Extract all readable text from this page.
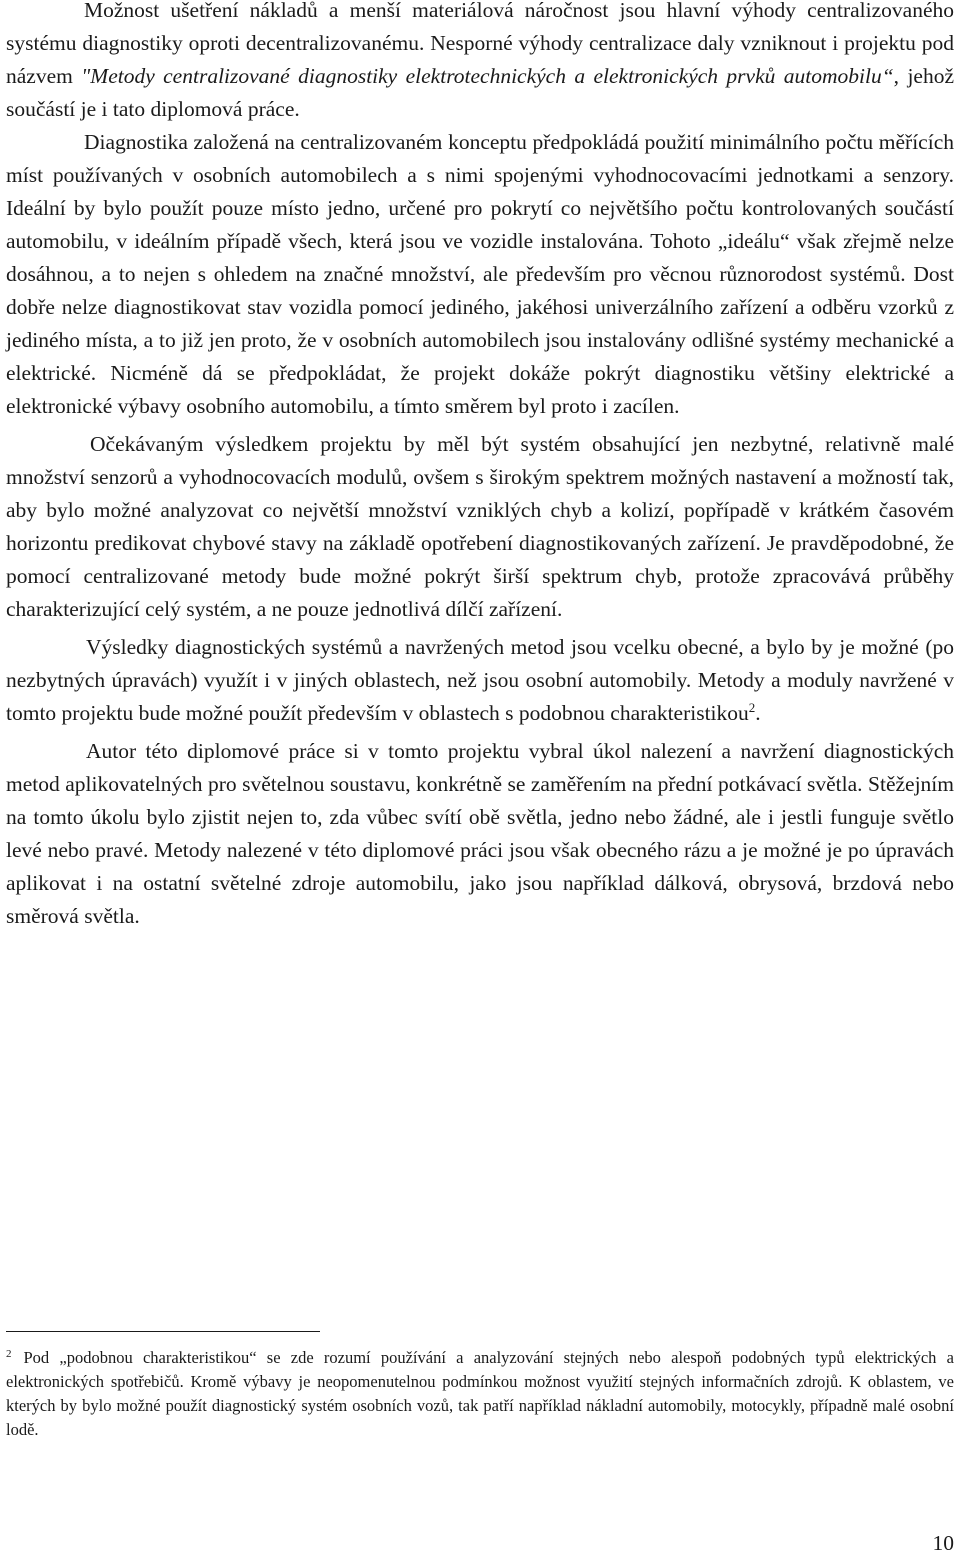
Možnost ušetření nákladů a menší materiálová náročnost jsou hlavní výhody centralizovaného systému diagnostiky oproti decentralizovanému. Nesporné výhody centralizace daly vzniknout i projektu pod názvem "Metody centralizované diagnostiky elektrotechnických a elektronických prvků automobilu“, jehož součástí je i tato diplomová práce.

Diagnostika založená na centralizovaném konceptu předpokládá použití minimálního počtu měřících míst používaných v osobních automobilech a s nimi spojenými vyhodnocovacími jednotkami a senzory. Ideální by bylo použít pouze místo jedno, určené pro pokrytí co největšího počtu kontrolovaných součástí automobilu, v ideálním případě všech, která jsou ve vozidle instalována. Tohoto „ideálu“ však zřejmě nelze dosáhnou, a to nejen s ohledem na značné množství, ale především pro věcnou různorodost systémů. Dost dobře nelze diagnostikovat stav vozidla pomocí jediného, jakéhosi univerzálního zařízení a odběru vzorků z jediného místa, a to již jen proto, že v osobních automobilech jsou instalovány odlišné systémy mechanické a elektrické. Nicméně dá se předpokládat, že projekt dokáže pokrýt diagnostiku většiny elektrické a elektronické výbavy osobního automobilu, a tímto směrem byl proto i zacílen.

Očekávaným výsledkem projektu by měl být systém obsahující jen nezbytné, relativně malé množství senzorů a vyhodnocovacích modulů, ovšem s širokým spektrem možných nastavení a možností tak, aby bylo možné analyzovat co největší množství vzniklých chyb a kolizí, popřípadě v krátkém časovém horizontu predikovat chybové stavy na základě opotřebení diagnostikovaných zařízení. Je pravděpodobné, že pomocí centralizované metody bude možné pokrýt širší spektrum chyb, protože zpracovává průběhy charakterizující celý systém, a ne pouze jednotlivá dílčí zařízení.

Výsledky diagnostických systémů a navržených metod jsou vcelku obecné, a bylo by je možné (po nezbytných úpravách) využít i v jiných oblastech, než jsou osobní automobily. Metody a moduly navržené v tomto projektu bude možné použít především v oblastech s podobnou charakteristikou$^2$.

Autor této diplomové práce si v tomto projektu vybral úkol nalezení a navržení diagnostických metod aplikovatelných pro světelnou soustavu, konkrétně se zaměřením na přední potkávací světla. Stěžejním na tomto úkolu bylo zjistit nejen to, zda vůbec svítí obě světla, jedno nebo žádné, ale i jestli funguje světlo levé nebo pravé. Metody nalezené v této diplomové práci jsou však obecného rázu a je možné je po úpravách aplikovat i na ostatní světelné zdroje automobilu, jako jsou například dálková, obrysová, brzdová nebo směrová světla.

$^2$ Pod „podobnou charakteristikou“ se zde rozumí používání a analyzování stejných nebo alespoň podobných typů elektrických a elektronických spotřebičů. Kromě výbavy je neopomenutelnou podmínkou možnost využití stejných informačních zdrojů. K oblastem, ve kterých by bylo možné použít diagnostický systém osobních vozů, tak patří například nákladní automobily, motocykly, případně malé osobní lodě.

10
